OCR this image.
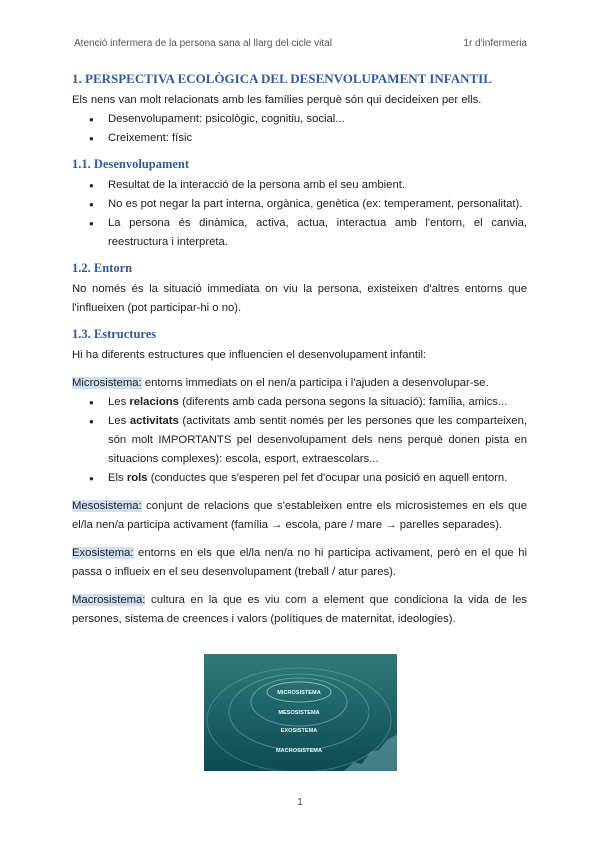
Atenció infermera de la persona sana al llarg del cicle vital	1r d'infermeria
1. PERSPECTIVA ECOLÒGICA DEL DESENVOLUPAMENT INFANTIL

Els nens van molt relacionats amb les famílies perquè són qui decideixen per ells.

● Desenvolupament: psicològic, cognitiu, social...
● Creixement: físic
1.1. Desenvolupament
● Resultat de la interacció de la persona amb el seu ambient.
● No es pot negar la part interna, orgànica, genètica (ex: temperament, personalitat).
● La persona és dinàmica, activa, actua, interactua amb l'entorn, el canvia, reestructura i interpreta.
1.2. Entorn

No només és la situació immediata on viu la persona, existeixen d'altres entorns que l'influeixen (pot participar-hi o no).

1.3. Estructures

Hi ha diferents estructures que influencien el desenvolupament infantil:

Microsistema: entorns immediats on el nen/a participa i l'ajuden a desenvolupar-se.

● Les relacions (diferents amb cada persona segons la situació): família, amics...
● Les activitats (activitats amb sentit només per les persones que les comparteixen, són molt IMPORTANTS pel desenvolupament dels nens perquè donen pista en situacions complexes): escola, esport, extraescolars...
● Els rols (conductes que s'esperen pel fet d'ocupar una posició en aquell entorn.

Mesosistema: conjunt de relacions que s'estableixen entre els microsistemes en els que el/la nen/a participa activament (família → escola, pare / mare → parelles separades).

Exosistema: entorns en els que el/la nen/a no hi participa activament, però en el que hi passa o influeix en el seu desenvolupament (treball / atur pares).

Macrosistema: cultura en la que es viu com a element que condiciona la vida de les persones, sistema de creences i valors (polítiques de maternitat, ideologies).

MICROSISTEMA
MESOSISTEMA
EXOSISTEMA
MACROSISTEMA
1
